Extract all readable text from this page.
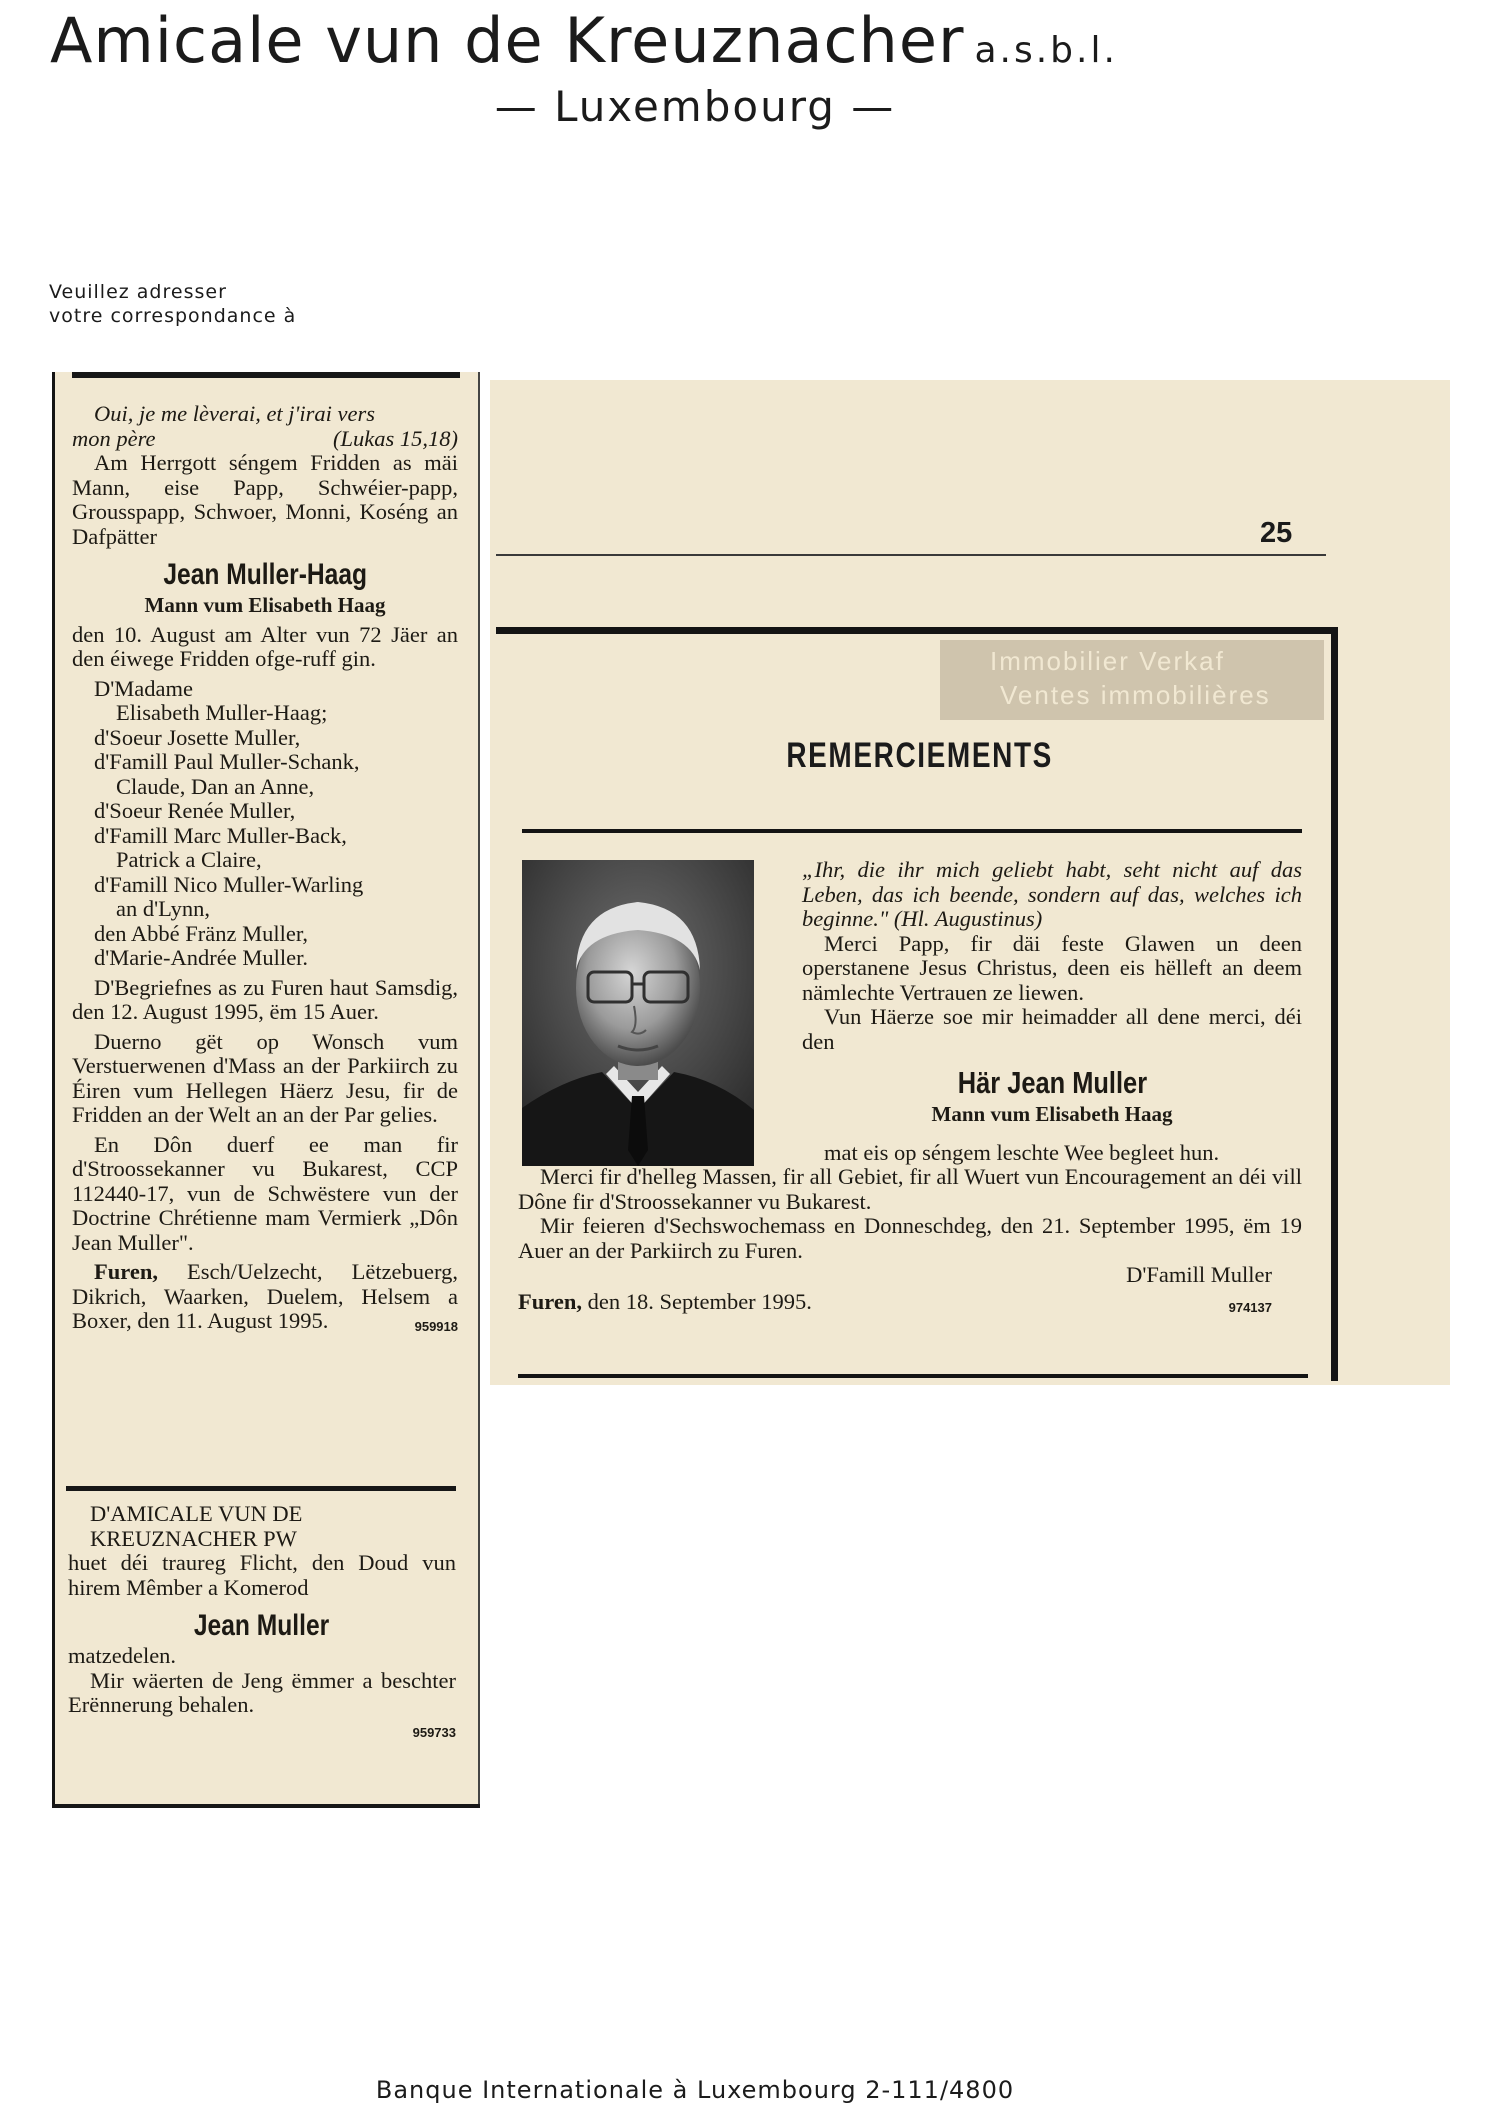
Amicale vun de Kreuznacher a.s.b.l.
— Luxembourg —
Veuillez adresser
votre correspondance à

Oui, je me lèverai, et j'irai vers

mon père	(Lukas 15,18)

Am Herrgott séngem Fridden as mäi Mann, eise Papp, Schwéier-papp, Grousspapp, Schwoer, Monni, Koséng an Dafpätter

Jean Muller-Haag

Mann vum Elisabeth Haag

den 10. August am Alter vun 72 Jäer an den éiwege Fridden ofge-ruff gin.

D'Madame

Elisabeth Muller-Haag;

d'Soeur Josette Muller,

d'Famill Paul Muller-Schank,

Claude, Dan an Anne,

d'Soeur Renée Muller,

d'Famill Marc Muller-Back,

Patrick a Claire,

d'Famill Nico Muller-Warling

an d'Lynn,

den Abbé Fränz Muller,

d'Marie-Andrée Muller.

D'Begriefnes as zu Furen haut Samsdig, den 12. August 1995, ëm 15 Auer.

Duerno gët op Wonsch vum Verstuerwenen d'Mass an der Parkiirch zu Éiren vum Hellegen Häerz Jesu, fir de Fridden an der Welt an an der Par gelies.

En Dôn duerf ee man fir d'Stroossekanner vu Bukarest, CCP 112440-17, vun de Schwëstere vun der Doctrine Chrétienne mam Vermierk „Dôn Jean Muller".

Furen, Esch/Uelzecht, Lëtzebuerg, Dikrich, Waarken, Duelem, Helsem a Boxer, den 11. August 1995.	959918

D'AMICALE VUN DE

KREUZNACHER PW

huet déi traureg Flicht, den Doud vun hirem Mêmber a Komerod

Jean Muller

matzedelen.

Mir wäerten de Jeng ëmmer a beschter Erënnerung behalen.

959733

25
Immobilier Verkaf
Ventes immobilières
REMERCIEMENTS

„Ihr, die ihr mich geliebt habt, seht nicht auf das Leben, das ich beende, sondern auf das, welches ich beginne." (Hl. Augustinus)

Merci Papp, fir däi feste Glawen un deen operstanene Jesus Christus, deen eis hëlleft an deem nämlechte Vertrauen ze liewen.

Vun Häerze soe mir heimadder all dene merci, déi den

Här Jean Muller

Mann vum Elisabeth Haag

mat eis op séngem leschte Wee begleet hun.

Merci fir d'helleg Massen, fir all Gebiet, fir all Wuert vun Encouragement an déi vill Dône fir d'Stroossekanner vu Bukarest.

Mir feieren d'Sechswochemass en Donneschdeg, den 21. September 1995, ëm 19 Auer an der Parkiirch zu Furen.

D'Famill Muller

Furen, den 18. September 1995.	974137

Banque Internationale à Luxembourg 2-111/4800
